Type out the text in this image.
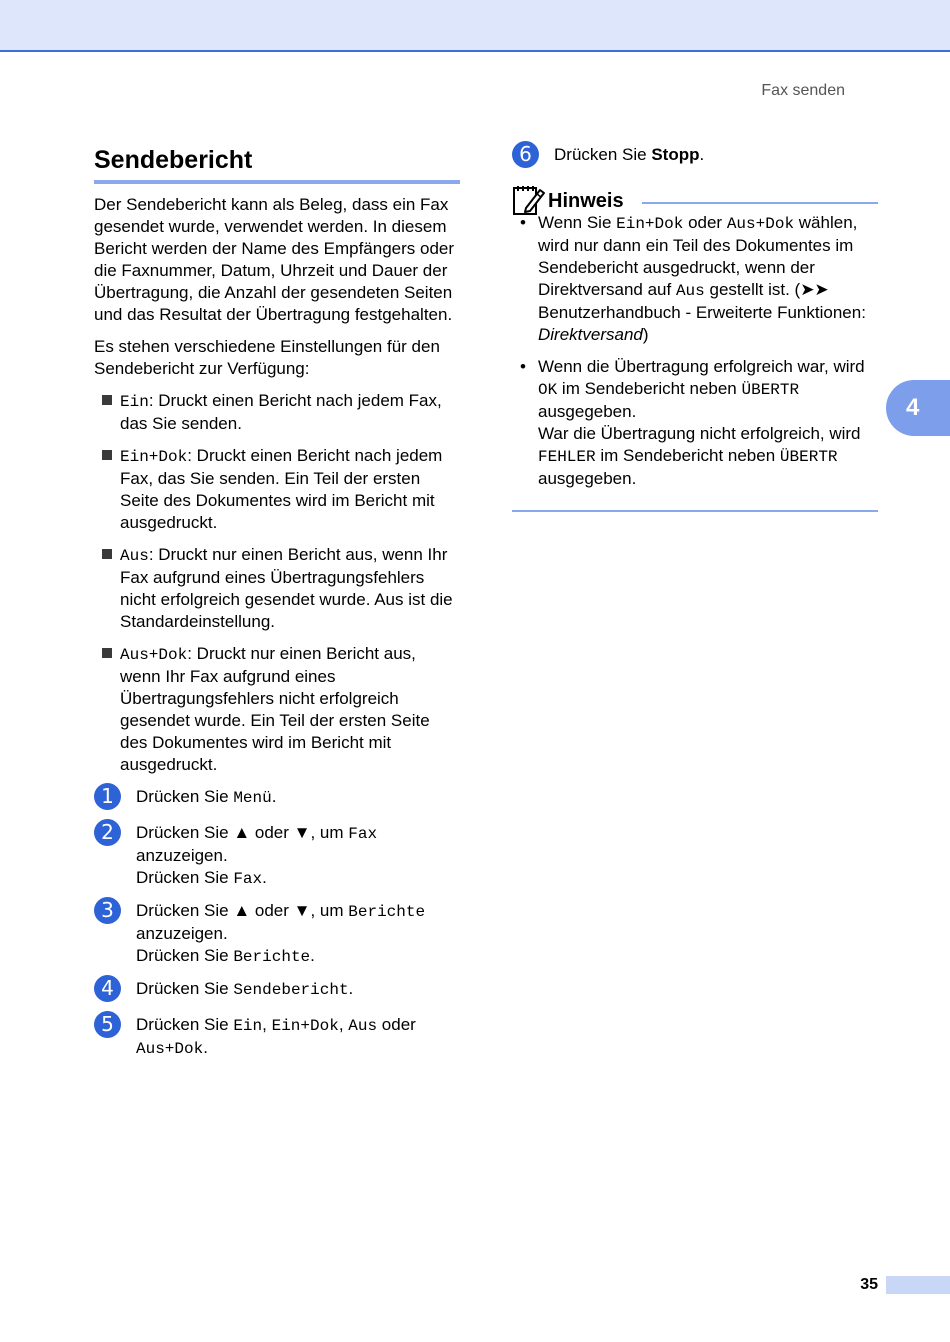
Fax senden
Sendebericht

Der Sendebericht kann als Beleg, dass ein Fax gesendet wurde, verwendet werden. In diesem Bericht werden der Name des Empfängers oder die Faxnummer, Datum, Uhrzeit und Dauer der Übertragung, die Anzahl der gesendeten Seiten und das Resultat der Übertragung festgehalten.

Es stehen verschiedene Einstellungen für den Sendebericht zur Verfügung:

Ein: Druckt einen Bericht nach jedem Fax, das Sie senden.
Ein+Dok: Druckt einen Bericht nach jedem Fax, das Sie senden. Ein Teil der ersten Seite des Dokumentes wird im Bericht mit ausgedruckt.
Aus: Druckt nur einen Bericht aus, wenn Ihr Fax aufgrund eines Übertragungsfehlers nicht erfolgreich gesendet wurde. Aus ist die Standardeinstellung.
Aus+Dok: Druckt nur einen Bericht aus, wenn Ihr Fax aufgrund eines Übertragungsfehlers nicht erfolgreich gesendet wurde. Ein Teil der ersten Seite des Dokumentes wird im Bericht mit ausgedruckt.
1	Drücken Sie Menü.
2	Drücken Sie ▲ oder ▼, um Fax
anzuzeigen.
Drücken Sie Fax.
3	Drücken Sie ▲ oder ▼, um Berichte
anzuzeigen.
Drücken Sie Berichte.
4	Drücken Sie Sendebericht.
5	Drücken Sie Ein, Ein+Dok, Aus oder
Aus+Dok.
6	Drücken Sie Stopp.
Hinweis
• Wenn Sie Ein+Dok oder Aus+Dok wählen, wird nur dann ein Teil des Dokumentes im Sendebericht ausgedruckt, wenn der Direktversand auf Aus gestellt ist. (➤➤ Benutzerhandbuch - Erweiterte Funktionen: Direktversand)
• Wenn die Übertragung erfolgreich war, wird OK im Sendebericht neben ÜBERTR ausgegeben.
War die Übertragung nicht erfolgreich, wird FEHLER im Sendebericht neben ÜBERTR ausgegeben.
4
35
